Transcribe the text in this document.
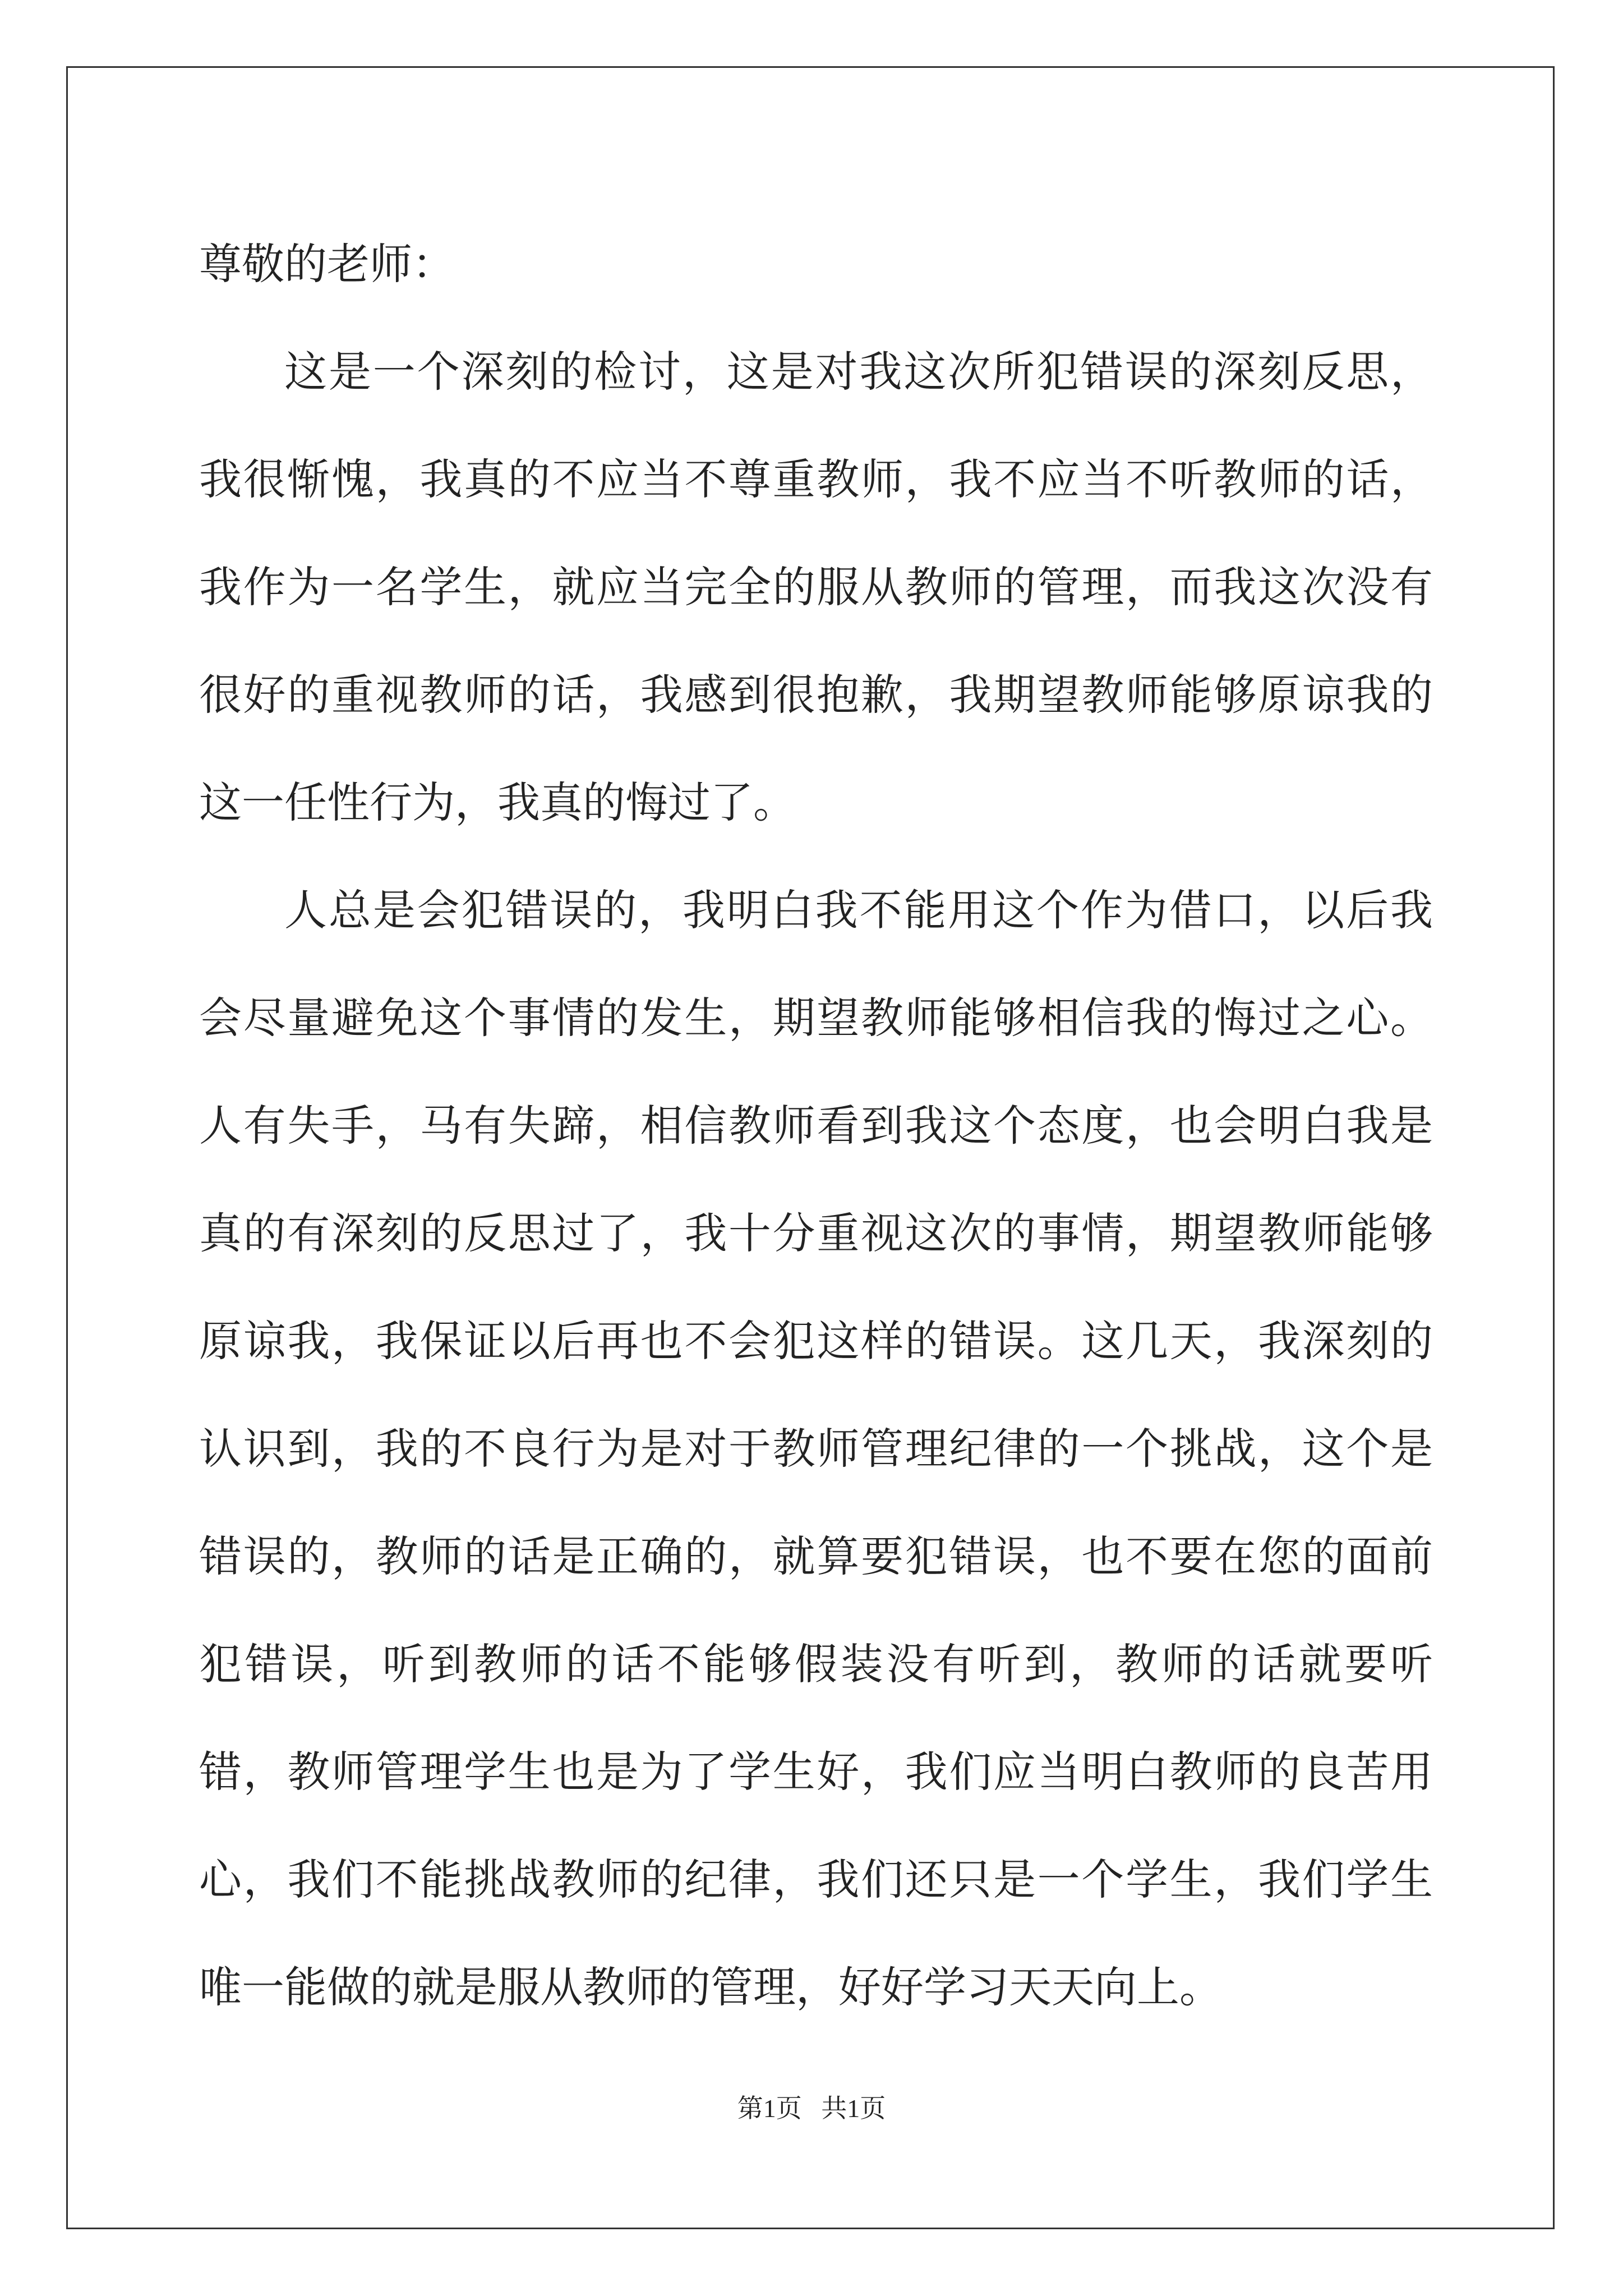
尊敬的老师：

这是一个深刻的检讨，这是对我这次所犯错误的深刻反思，我很惭愧，我真的不应当不尊重教师，我不应当不听教师的话，我作为一名学生，就应当完全的服从教师的管理，而我这次没有很好的重视教师的话，我感到很抱歉，我期望教师能够原谅我的这一任性行为，我真的悔过了。

人总是会犯错误的，我明白我不能用这个作为借口，以后我会尽量避免这个事情的发生，期望教师能够相信我的悔过之心。人有失手，马有失蹄，相信教师看到我这个态度，也会明白我是真的有深刻的反思过了，我十分重视这次的事情，期望教师能够原谅我，我保证以后再也不会犯这样的错误。这几天，我深刻的认识到，我的不良行为是对于教师管理纪律的一个挑战，这个是错误的，教师的话是正确的，就算要犯错误，也不要在您的面前犯错误，听到教师的话不能够假装没有听到，教师的话就要听错，教师管理学生也是为了学生好，我们应当明白教师的良苦用心，我们不能挑战教师的纪律，我们还只是一个学生，我们学生唯一能做的就是服从教师的管理，好好学习天天向上。

第1页   共1页
